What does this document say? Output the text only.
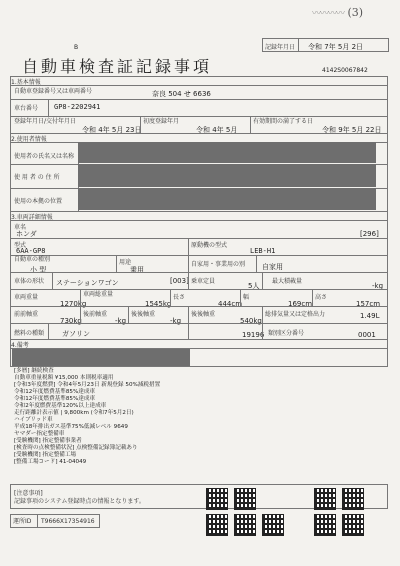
〰〰〰〰 (3)
記録年月日 令和 7年 5月 2日
B
自動車検査証記録事項	4142S0067842
1.基本情報
自動車登録番号又は車両番号	奈良 504 せ 6636
車台番号 GP8-2202941
登録年月日/交付年月日
令和 4年 5月 23日
初度登録年月
令和 4年 5月
有効期間の満了する日
令和 9年 5月 22日
2.使用者情報
使用者の氏名又は名称
使 用 者 の 住 所
使用の本拠の位置
3.車両詳細情報
車名
ホンダ	[296]
型式
6AA-GP8
原動機の型式
LEB-H1
自動車の種別
小 型
用途
乗用
自家用・事業用の別 自家用
車体の形状 ステーションワゴン	[003] 乗車定員
5人
最大積載量
-kg
車両重量
1270kg
車両総重量
1545kg
長さ
444cm
幅
169cm
高さ
157cm
前前軸重
730kg
後前軸重
-kg
後後軸重
-kg
後後軸重
540kg
総排気量又は定格出力	1.49L
燃料の種類	ガソリン	19196 類別区分番号	0001
4.備考
[多暦] 継続検査
自動車重量税額 ¥15,000 本則税率適用
[令和3年度燃費] 令和4年5月23日 新規登録 50%減税措置
令和12年度燃費基準85%達成車
令和12年度燃費基準85%達成車
令和2年度燃費基準120%以上達成車
走行距離計表示値 | 9,800km (令和7年5月2日)
ハイブリッド車
平成18年排出ガス基準75%低減レベル 9649
ヤマダー指定整備車
[受験機関] 指定整備事業者
[検査時の点検整備状況] 点検整備記録簿記載あり
[受験機関] 指定整備工場
[整備工場コード] 41-04049
[注意事項]
記録事項のシステム登録時点の情報となります。
運所ID T9666X17354916
